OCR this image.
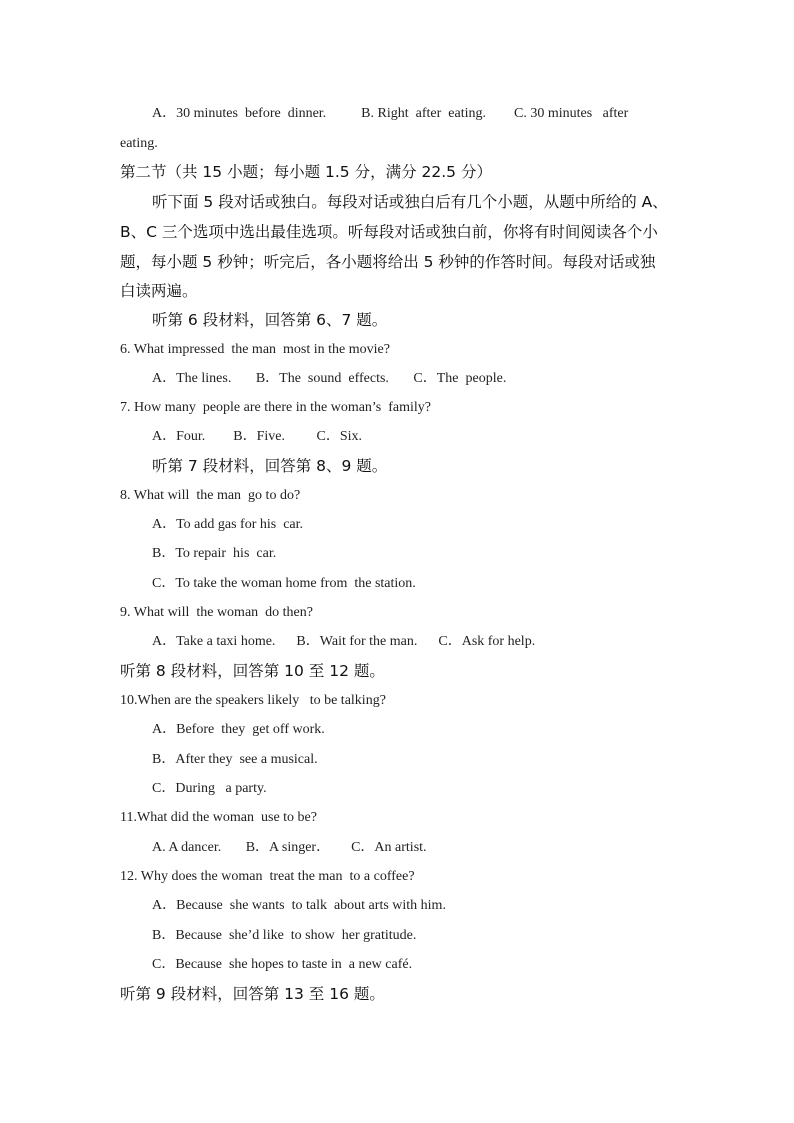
A．30 minutes  before  dinner.          B. Right  after  eating.        C. 30 minutes   after
eating.
第二节（共 15 小题；每小题 1.5 分，满分 22.5 分）
听下面 5 段对话或独白。每段对话或独白后有几个小题，从题中所给的 A、
B、C 三个选项中选出最佳选项。听每段对话或独白前，你将有时间阅读各个小
题，每小题 5 秒钟；听完后，各小题将给出 5 秒钟的作答时间。每段对话或独
白读两遍。
听第 6 段材料，回答第 6、7 题。
6. What impressed  the man  most in the movie?
A．The lines.       B．The  sound  effects.       C．The  people.
7. How many  people are there in the woman’s  family?
A．Four.        B．Five.         C．Six.
听第 7 段材料，回答第 8、9 题。
8. What will  the man  go to do?
A．To add gas for his  car.
B．To repair  his  car.
C．To take the woman home from  the station.
9. What will  the woman  do then?
A．Take a taxi home.      B．Wait for the man.      C．Ask for help.
听第 8 段材料，回答第 10 至 12 题。
10.When are the speakers likely   to be talking?
A．Before  they  get off work.
B．After they  see a musical.
C．During   a party.
11.What did the woman  use to be?
A. A dancer.       B．A singer．      C．An artist.
12. Why does the woman  treat the man  to a coffee?
A．Because  she wants  to talk  about arts with him.
B．Because  she’d like  to show  her gratitude.
C．Because  she hopes to taste in  a new café.
听第 9 段材料，回答第 13 至 16 题。
